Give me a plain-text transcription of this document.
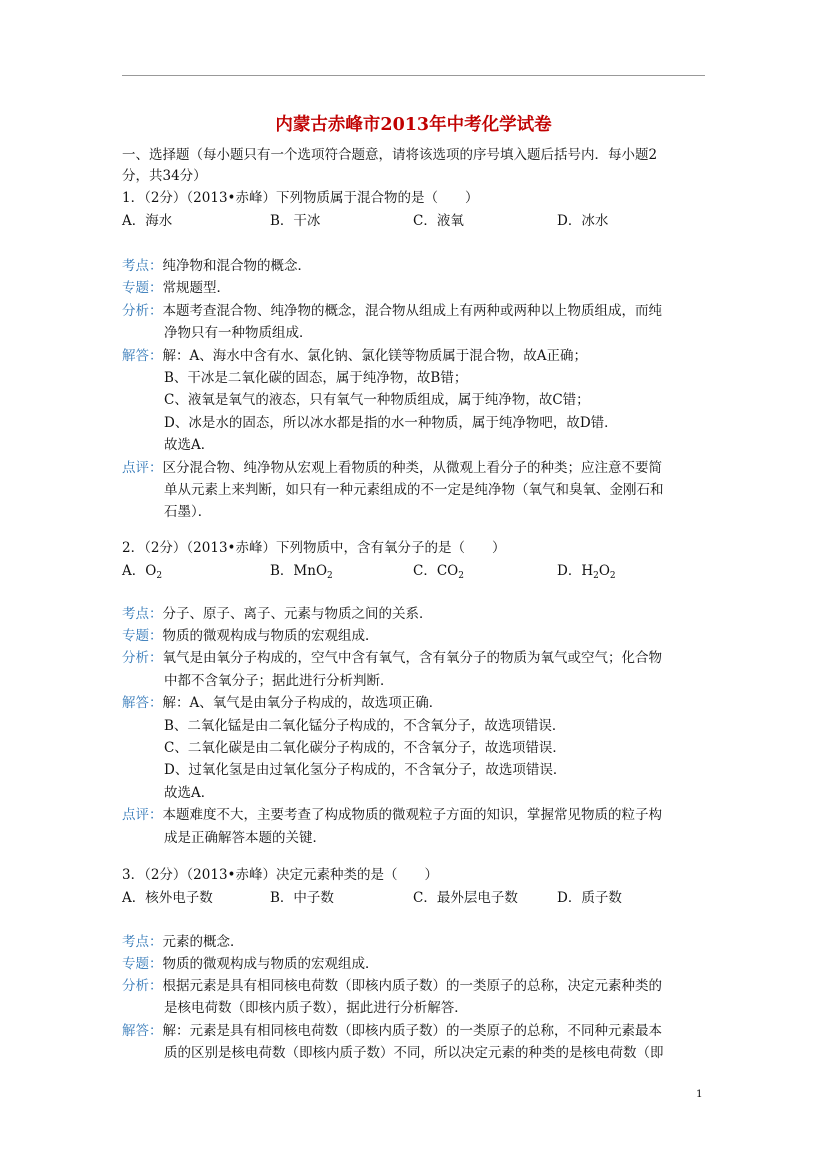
内蒙古赤峰市2013年中考化学试卷
一、选择题（每小题只有一个选项符合题意，请将该选项的序号填入题后括号内．每小题2
分，共34分）
1．（2分）（2013•赤峰）下列物质属于混合物的是（　　）
A．海水	B．干冰	C．液氧	D．冰水
考点：纯净物和混合物的概念．
专题：常规题型．
分析：本题考查混合物、纯净物的概念，混合物从组成上有两种或两种以上物质组成，而纯
净物只有一种物质组成．
解答：解：A、海水中含有水、氯化钠、氯化镁等物质属于混合物，故A正确；
B、干冰是二氧化碳的固态，属于纯净物，故B错；
C、液氧是氧气的液态，只有氧气一种物质组成，属于纯净物，故C错；
D、冰是水的固态，所以冰水都是指的水一种物质，属于纯净物吧，故D错．
故选A．
点评：区分混合物、纯净物从宏观上看物质的种类，从微观上看分子的种类；应注意不要简
单从元素上来判断，如只有一种元素组成的不一定是纯净物（氧气和臭氧、金刚石和
石墨）．
2．（2分）（2013•赤峰）下列物质中，含有氧分子的是（　　）
A．$O_2$	B．MnO$_2$	C．$CO_2$	D．$H_2O_2$
考点：分子、原子、离子、元素与物质之间的关系．
专题：物质的微观构成与物质的宏观组成．
分析：氧气是由氧分子构成的，空气中含有氧气，含有氧分子的物质为氧气或空气；化合物
中都不含氧分子；据此进行分析判断．
解答：解：A、氧气是由氧分子构成的，故选项正确．
B、二氧化锰是由二氧化锰分子构成的，不含氧分子，故选项错误．
C、二氧化碳是由二氧化碳分子构成的，不含氧分子，故选项错误．
D、过氧化氢是由过氧化氢分子构成的，不含氧分子，故选项错误．
故选A．
点评：本题难度不大，主要考查了构成物质的微观粒子方面的知识，掌握常见物质的粒子构
成是正确解答本题的关键．
3．（2分）（2013•赤峰）决定元素种类的是（　　）
A．核外电子数	B．中子数	C．最外层电子数	D．质子数
考点：元素的概念．
专题：物质的微观构成与物质的宏观组成．
分析：根据元素是具有相同核电荷数（即核内质子数）的一类原子的总称，决定元素种类的
是核电荷数（即核内质子数），据此进行分析解答．
解答：解：元素是具有相同核电荷数（即核内质子数）的一类原子的总称，不同种元素最本
质的区别是核电荷数（即核内质子数）不同，所以决定元素的种类的是核电荷数（即
1
